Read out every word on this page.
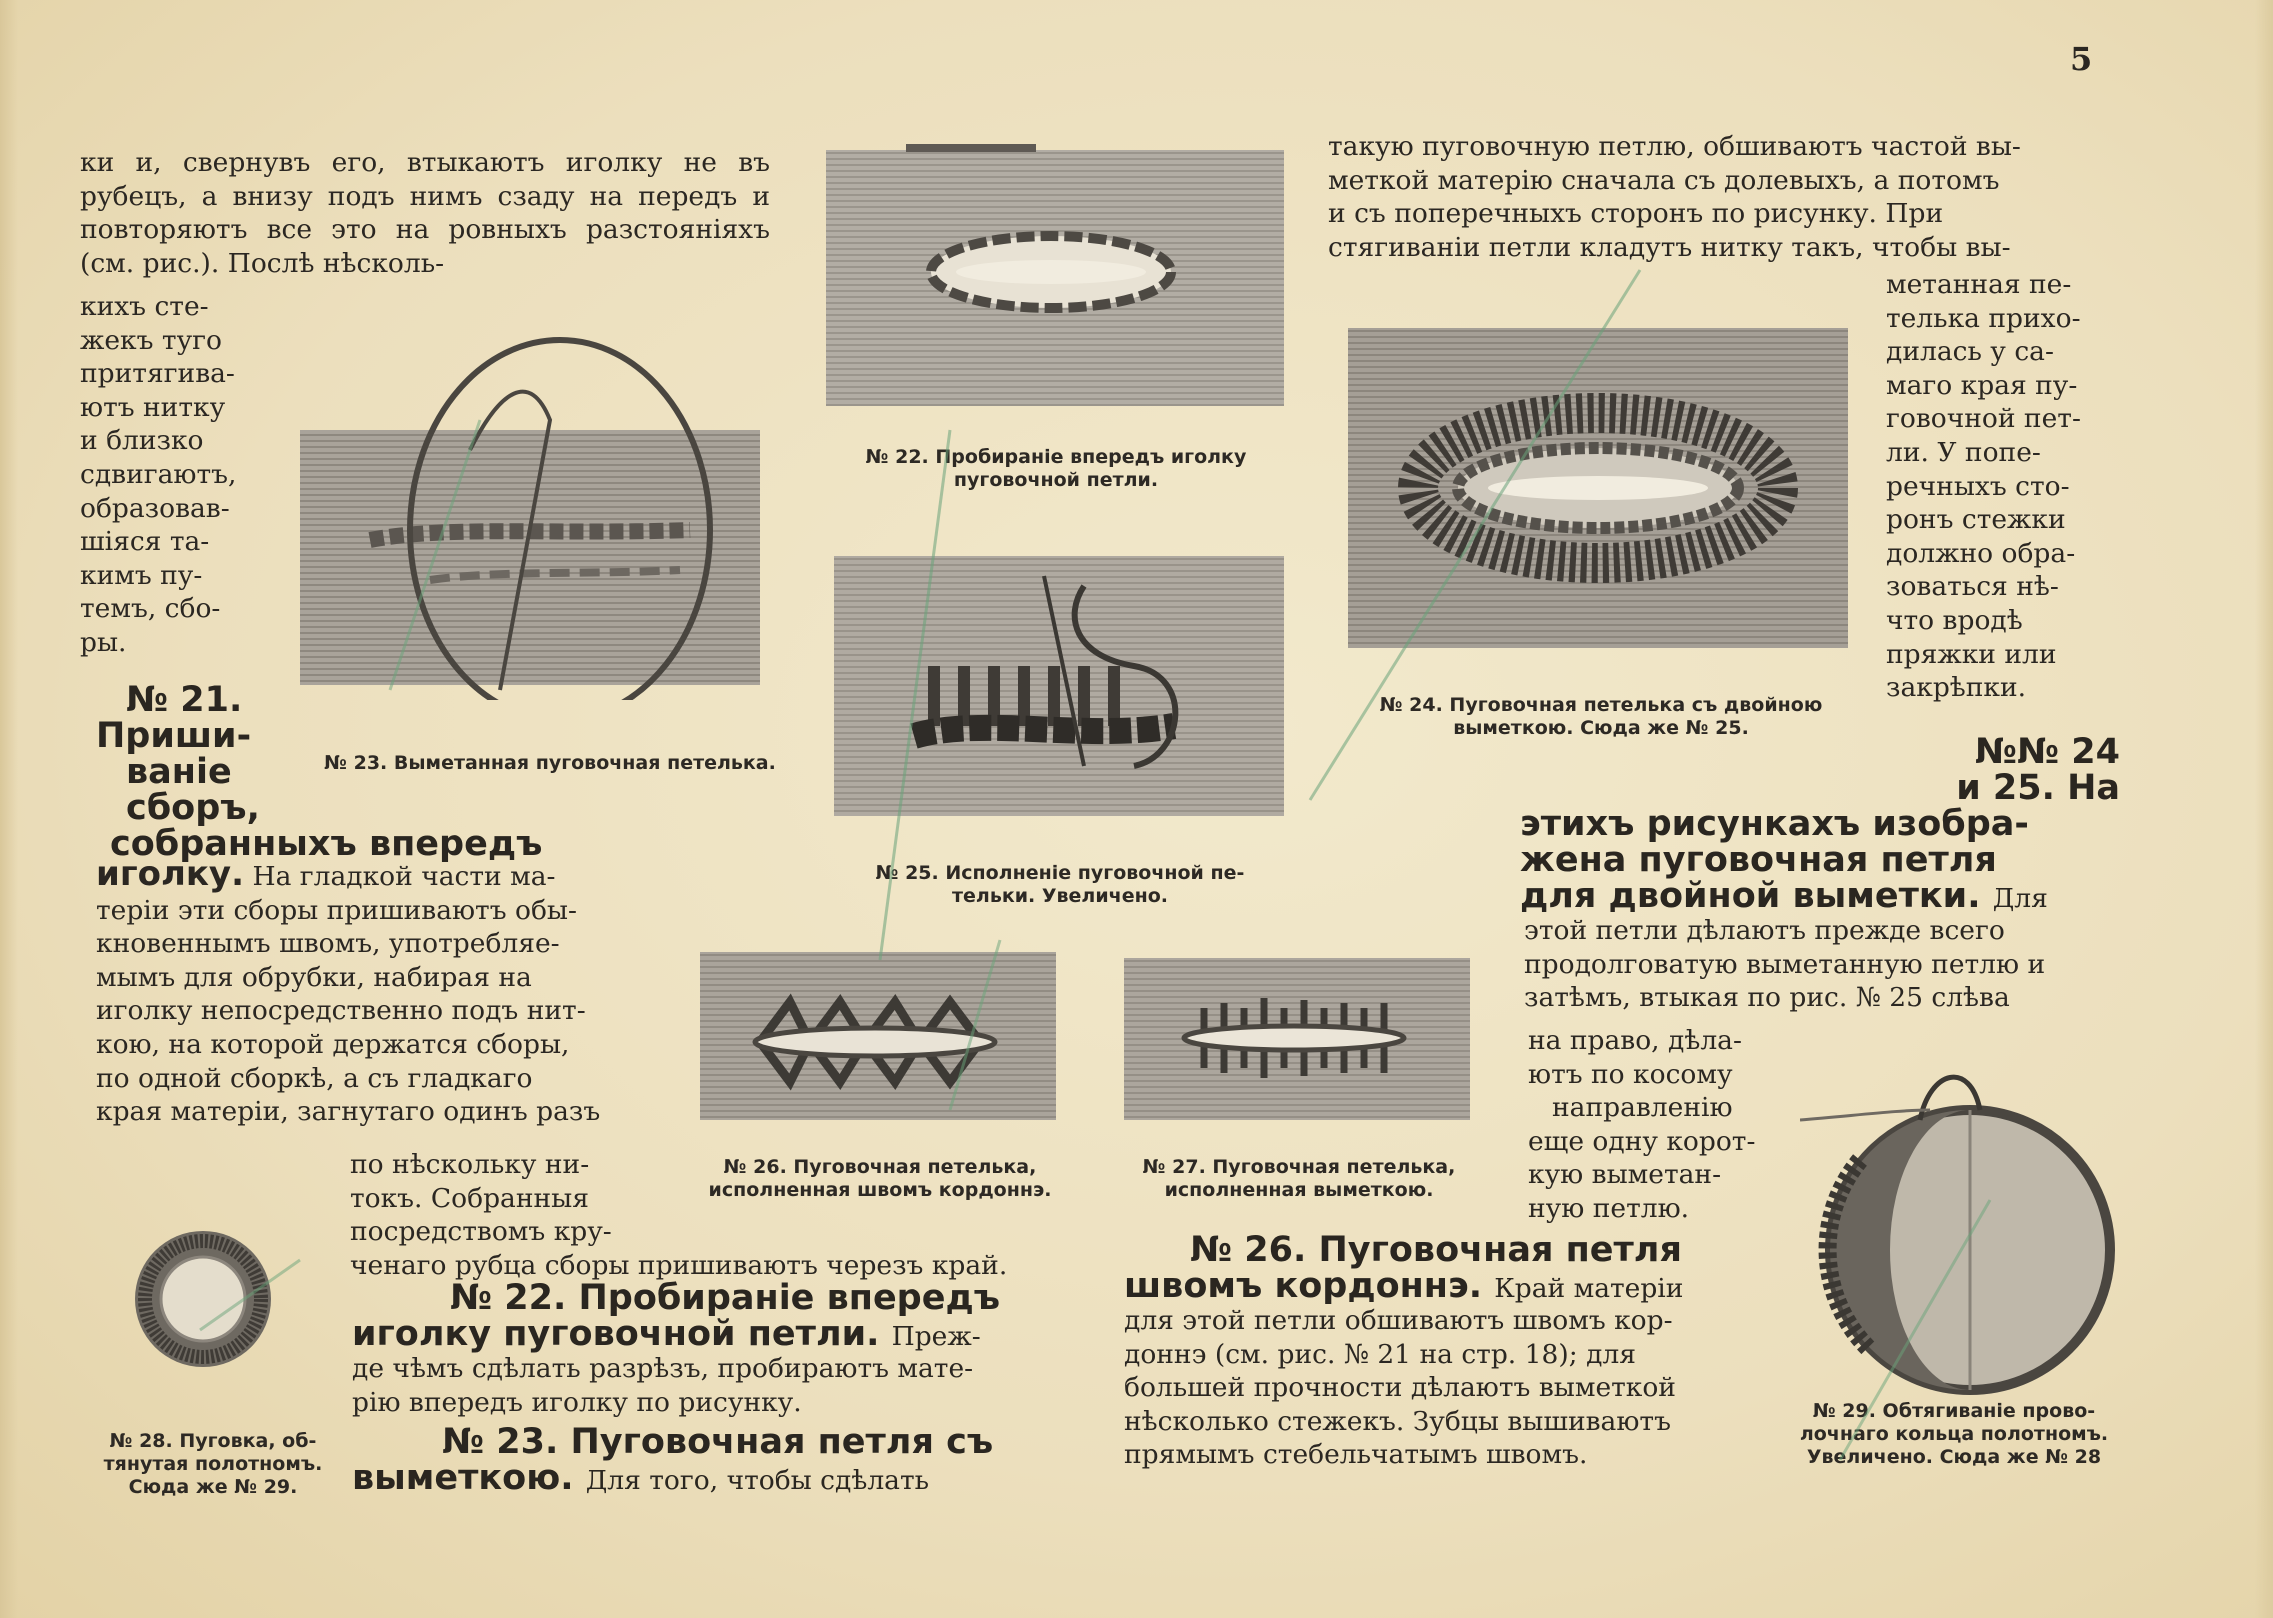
5

ки и, свернувъ его, втыкаютъ иголку не въ рубецъ, а внизу подъ нимъ сзаду на передъ и повторяютъ все это на ровныхъ разстояніяхъ (см. рис.). Послѣ нѣсколь-

кихъ сте-
жекъ туго
притягива-
ютъ нитку
и близко
сдвигаютъ,
образовав-
шіяся та-
кимъ пу-
темъ, сбо-
ры.
№ 21.
Приши-
ваніе
сборъ,
собранныхъ впередъ
иголку. На гладкой части ма-
теріи эти сборы пришиваютъ обы-
кновеннымъ швомъ, употребляе-
мымъ для обрубки, набирая на
иголку непосредственно подъ нит-
кою, на которой держатся сборы,
по одной сборкѣ, а съ гладкаго
края матеріи, загнутаго одинъ разъ
по нѣскольку ни-
токъ. Собранныя
посредствомъ кру-
ченаго рубца сборы пришиваютъ черезъ край.
№ 22. Пробираніе впередъ
иголку пуговочной петли. Преж-
де чѣмъ сдѣлать разрѣзъ, пробираютъ мате-
рію впередъ иголку по рисунку.
№ 23. Пуговочная петля съ
выметкою. Для того, чтобы сдѣлать
такую пуговочную петлю, обшиваютъ частой вы-
меткой матерію сначала съ долевыхъ, а потомъ
и съ поперечныхъ сторонъ по рисунку. При
стягиваніи петли кладутъ нитку такъ, чтобы вы-
метанная пе-
телька прихо-
дилась у са-
маго края пу-
говочной пет-
ли. У попе-
речныхъ сто-
ронъ стежки
должно обра-
зоваться нѣ-
что вродѣ
пряжки или
закрѣпки.
№№ 24
и 25. На
этихъ рисункахъ изобра-
жена пуговочная петля
для двойной выметки. Для
этой петли дѣлаютъ прежде всего
продолговатую выметанную петлю и
затѣмъ, втыкая по рис. № 25 слѣва
на право, дѣла-
ютъ по косому
направленію
еще одну корот-
кую выметан-
ную петлю.
№ 26. Пуговочная петля
швомъ кордоннэ. Край матеріи
для этой петли обшиваютъ швомъ кор-
доннэ (см. рис. № 21 на стр. 18); для
большей прочности дѣлаютъ выметкой
нѣсколько стежекъ. Зубцы вышиваютъ
прямымъ стебельчатымъ швомъ.
№ 22. Пробираніе впередъ иголку
пуговочной петли.
№ 23. Выметанная пуговочная петелька.
№ 24. Пуговочная петелька съ двойною
выметкою. Сюда же № 25.
№ 25. Исполненіе пуговочной пе-
тельки. Увеличено.
№ 26. Пуговочная петелька,
исполненная швомъ кордоннэ.
№ 27. Пуговочная петелька,
исполненная выметкою.
№ 28. Пуговка, об-
тянутая полотномъ.
Сюда же № 29.
№ 29. Обтягиваніе прово-
лочнаго кольца полотномъ.
Увеличено. Сюда же № 28
